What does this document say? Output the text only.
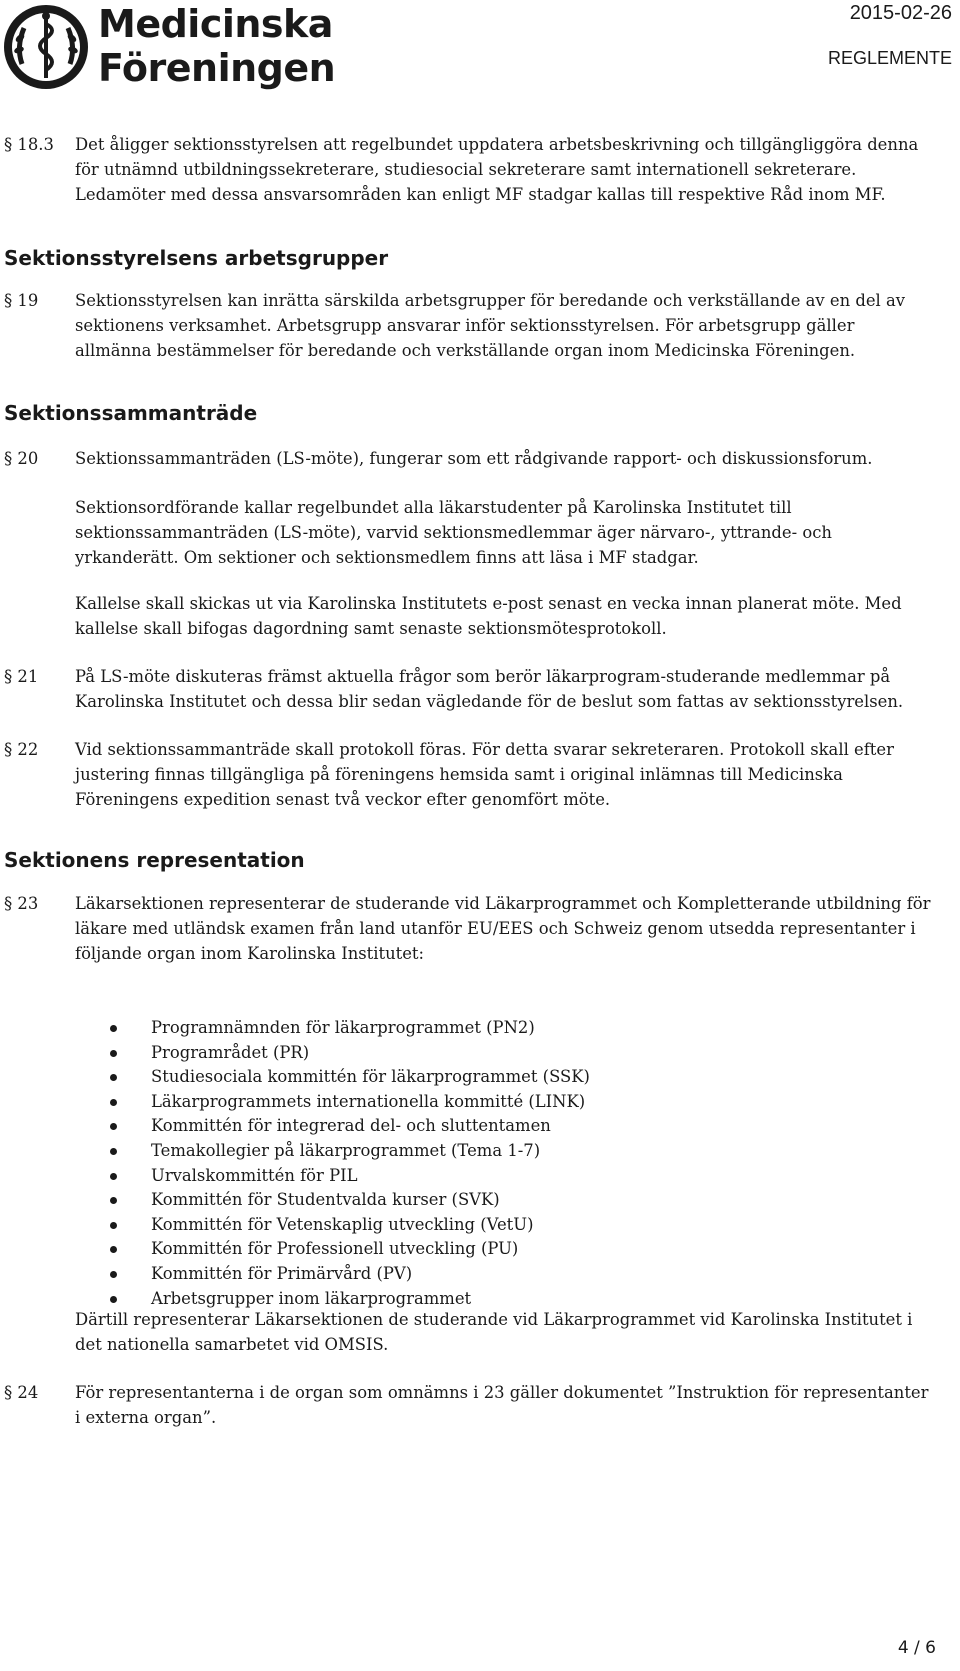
Medicinska
Föreningen
2015-02-26
REGLEMENTE
§ 18.3 Det åligger sektionsstyrelsen att regelbundet uppdatera arbetsbeskrivning och tillgängliggöra denna för utnämnd utbildningssekreterare, studiesocial sekreterare samt internationell sekreterare. Ledamöter med dessa ansvarsområden kan enligt MF stadgar kallas till respektive Råd inom MF.

Sektionsstyrelsens arbetsgrupper
§ 19 Sektionsstyrelsen kan inrätta särskilda arbetsgrupper för beredande och verkställande av en del av sektionens verksamhet. Arbetsgrupp ansvarar inför sektionsstyrelsen. För arbetsgrupp gäller allmänna bestämmelser för beredande och verkställande organ inom Medicinska Föreningen.

Sektionssammanträde
§ 20 Sektionssammanträden (LS-möte), fungerar som ett rådgivande rapport- och diskussionsforum.

Sektionsordförande kallar regelbundet alla läkarstudenter på Karolinska Institutet till sektionssammanträden (LS-möte), varvid sektionsmedlemmar äger närvaro-, yttrande- och yrkanderätt. Om sektioner och sektionsmedlem finns att läsa i MF stadgar.

Kallelse skall skickas ut via Karolinska Institutets e-post senast en vecka innan planerat möte. Med kallelse skall bifogas dagordning samt senaste sektionsmötesprotokoll.

§ 21 På LS-möte diskuteras främst aktuella frågor som berör läkarprogram-studerande medlemmar på Karolinska Institutet och dessa blir sedan vägledande för de beslut som fattas av sektionsstyrelsen.

§ 22 Vid sektionssammanträde skall protokoll föras. För detta svarar sekreteraren. Protokoll skall efter justering finnas tillgängliga på föreningens hemsida samt i original inlämnas till Medicinska Föreningens expedition senast två veckor efter genomfört möte.

Sektionens representation
§ 23 Läkarsektionen representerar de studerande vid Läkarprogrammet och Kompletterande utbildning för läkare med utländsk examen från land utanför EU/EES och Schweiz genom utsedda representanter i följande organ inom Karolinska Institutet:

Programnämnden för läkarprogrammet (PN2)
Programrådet (PR)
Studiesociala kommittén för läkarprogrammet (SSK)
Läkarprogrammets internationella kommitté (LINK)
Kommittén för integrerad del- och sluttentamen
Temakollegier på läkarprogrammet (Tema 1-7)
Urvalskommittén för PIL
Kommittén för Studentvalda kurser (SVK)
Kommittén för Vetenskaplig utveckling (VetU)
Kommittén för Professionell utveckling (PU)
Kommittén för Primärvård (PV)
Arbetsgrupper inom läkarprogrammet

Därtill representerar Läkarsektionen de studerande vid Läkarprogrammet vid Karolinska Institutet i det nationella samarbetet vid OMSIS.

§ 24 För representanterna i de organ som omnämns i 23 gäller dokumentet ”Instruktion för representanter i externa organ”.

4 / 6
